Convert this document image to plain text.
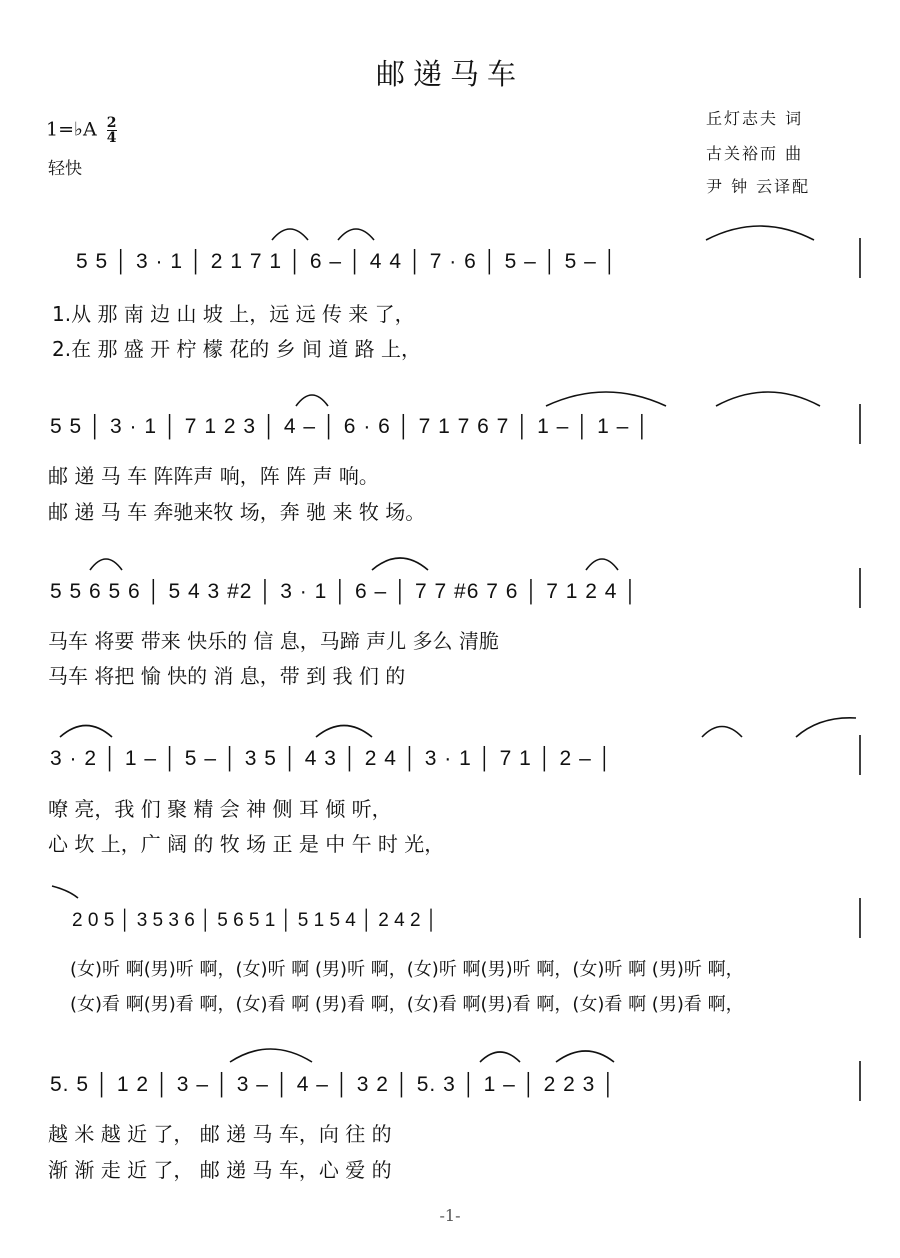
邮递马车
1=♭A $\frac{2}{4}$
轻快
丘灯志夫 词
古关裕而 曲
尹 钟 云译配
5 5 │ 3 · 1 │ 2 1 7 1 │ 6 – │ 4 4 │ 7 · 6 │ 5 – │ 5 – │
1.从 那 南 边 山 坡 上，远 远 传 来 了，
2.在 那 盛 开 柠 檬 花的 乡 间 道 路 上，
5 5 │ 3 · 1 │ 7 1 2 3 │ 4 – │ 6 · 6 │ 7 1 7 6 7 │ 1 – │ 1 – │
邮 递 马 车 阵阵声 响，阵 阵 声 响。
邮 递 马 车 奔驰来牧 场，奔 驰 来 牧 场。
5 5 6 5 6 │ 5 4 3 #2 │ 3 · 1 │ 6 – │ 7 7 #6 7 6 │ 7 1 2 4 │
马车 将要 带来 快乐的 信 息，马蹄 声儿 多么 清脆
马车 将把 愉 快的 消 息，带 到 我 们 的
3 · 2 │ 1 – │ 5 – │ 3 5 │ 4 3 │ 2 4 │ 3 · 1 │ 7 1 │ 2 – │
嘹 亮，我 们 聚 精 会 神 侧 耳 倾 听，
心 坎 上，广 阔 的 牧 场 正 是 中 午 时 光，
2 0 5 │ 3 5 3 6 │ 5 6 5 1 │ 5 1 5 4 │ 2 4 2 │
(女)听 啊(男)听 啊，(女)听 啊 (男)听 啊，(女)听 啊(男)听 啊，(女)听 啊 (男)听 啊，
(女)看 啊(男)看 啊，(女)看 啊 (男)看 啊，(女)看 啊(男)看 啊，(女)看 啊 (男)看 啊，
5. 5 │ 1 2 │ 3 – │ 3 – │ 4 – │ 3 2 │ 5. 3 │ 1 – │ 2 2 3 │
越 米 越 近 了， 邮 递 马 车，向 往 的
渐 渐 走 近 了， 邮 递 马 车，心 爱 的
-1-
